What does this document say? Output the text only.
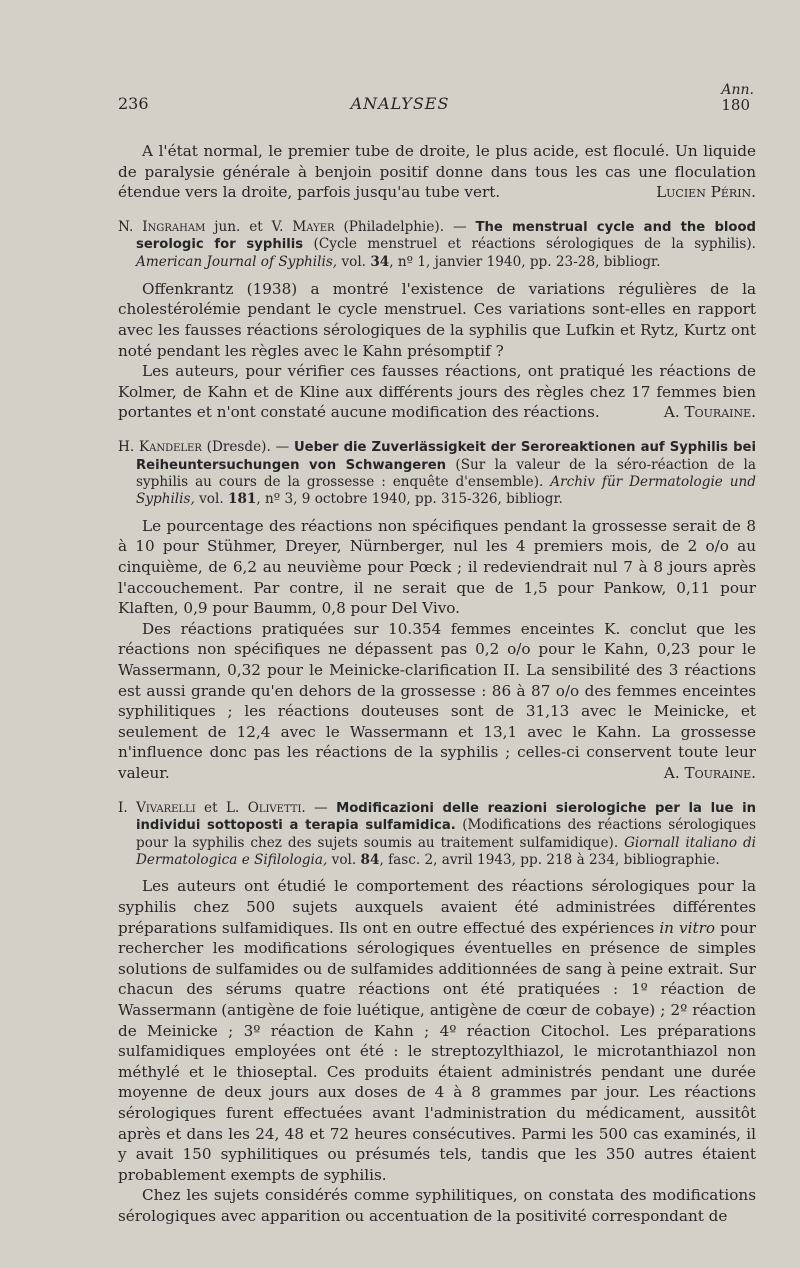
236	ANALYSES
Ann.
180

A l'état normal, le premier tube de droite, le plus acide, est floculé. Un liquide de paralysie générale à benjoin positif donne dans tous les cas une floculation étendue vers la droite, parfois jusqu'au tube vert.	Lucien Périn.

N. Ingraham jun. et V. Mayer (Philadelphie). — The menstrual cycle and the blood serologic for syphilis (Cycle menstruel et réactions sérologiques de la syphilis). American Journal of Syphilis, vol. 34, nº 1, janvier 1940, pp. 23-28, bibliogr.

Offenkrantz (1938) a montré l'existence de variations régulières de la cholestérolémie pendant le cycle menstruel. Ces variations sont-elles en rapport avec les fausses réactions sérologiques de la syphilis que Lufkin et Rytz, Kurtz ont noté pendant les règles avec le Kahn présomptif ?

Les auteurs, pour vérifier ces fausses réactions, ont pratiqué les réactions de Kolmer, de Kahn et de Kline aux différents jours des règles chez 17 femmes bien portantes et n'ont constaté aucune modification des réactions.	A. Touraine.

H. Kandeler (Dresde). — Ueber die Zuverlässigkeit der Seroreaktionen auf Syphilis bei Reiheuntersuchungen von Schwangeren (Sur la valeur de la séro-réaction de la syphilis au cours de la grossesse : enquête d'ensemble). Archiv für Dermatologie und Syphilis, vol. 181, nº 3, 9 octobre 1940, pp. 315-326, bibliogr.

Le pourcentage des réactions non spécifiques pendant la grossesse serait de 8 à 10 pour Stühmer, Dreyer, Nürnberger, nul les 4 premiers mois, de 2 o/o au cinquième, de 6,2 au neuvième pour Pœck ; il redeviendrait nul 7 à 8 jours après l'accouchement. Par contre, il ne serait que de 1,5 pour Pankow, 0,11 pour Klaften, 0,9 pour Baumm, 0,8 pour Del Vivo.

Des réactions pratiquées sur 10.354 femmes enceintes K. conclut que les réactions non spécifiques ne dépassent pas 0,2 o/o pour le Kahn, 0,23 pour le Wassermann, 0,32 pour le Meinicke-clarification II. La sensibilité des 3 réactions est aussi grande qu'en dehors de la grossesse : 86 à 87 o/o des femmes enceintes syphilitiques ; les réactions douteuses sont de 31,13 avec le Meinicke, et seulement de 12,4 avec le Wassermann et 13,1 avec le Kahn. La grossesse n'influence donc pas les réactions de la syphilis ; celles-ci conservent toute leur valeur.	A. Touraine.

I. Vivarelli et L. Olivetti. — Modificazioni delle reazioni sierologiche per la lue in individui sottoposti a terapia sulfamidica. (Modifications des réactions sérologiques pour la syphilis chez des sujets soumis au traitement sulfamidique). Giornall italiano di Dermatologica e Sifilologia, vol. 84, fasc. 2, avril 1943, pp. 218 à 234, bibliographie.

Les auteurs ont étudié le comportement des réactions sérologiques pour la syphilis chez 500 sujets auxquels avaient été administrées différentes préparations sulfamidiques. Ils ont en outre effectué des expériences in vitro pour rechercher les modifications sérologiques éventuelles en présence de simples solutions de sulfamides ou de sulfamides additionnées de sang à peine extrait. Sur chacun des sérums quatre réactions ont été pratiquées : 1º réaction de Wassermann (antigène de foie luétique, antigène de cœur de cobaye) ; 2º réaction de Meinicke ; 3º réaction de Kahn ; 4º réaction Citochol. Les préparations sulfamidiques employées ont été : le streptozylthiazol, le microtanthiazol non méthylé et le thioseptal. Ces produits étaient administrés pendant une durée moyenne de deux jours aux doses de 4 à 8 grammes par jour. Les réactions sérologiques furent effectuées avant l'administration du médicament, aussitôt après et dans les 24, 48 et 72 heures consécutives. Parmi les 500 cas examinés, il y avait 150 syphilitiques ou présumés tels, tandis que les 350 autres étaient probablement exempts de syphilis.

Chez les sujets considérés comme syphilitiques, on constata des modifications sérologiques avec apparition ou accentuation de la positivité correspondant de
